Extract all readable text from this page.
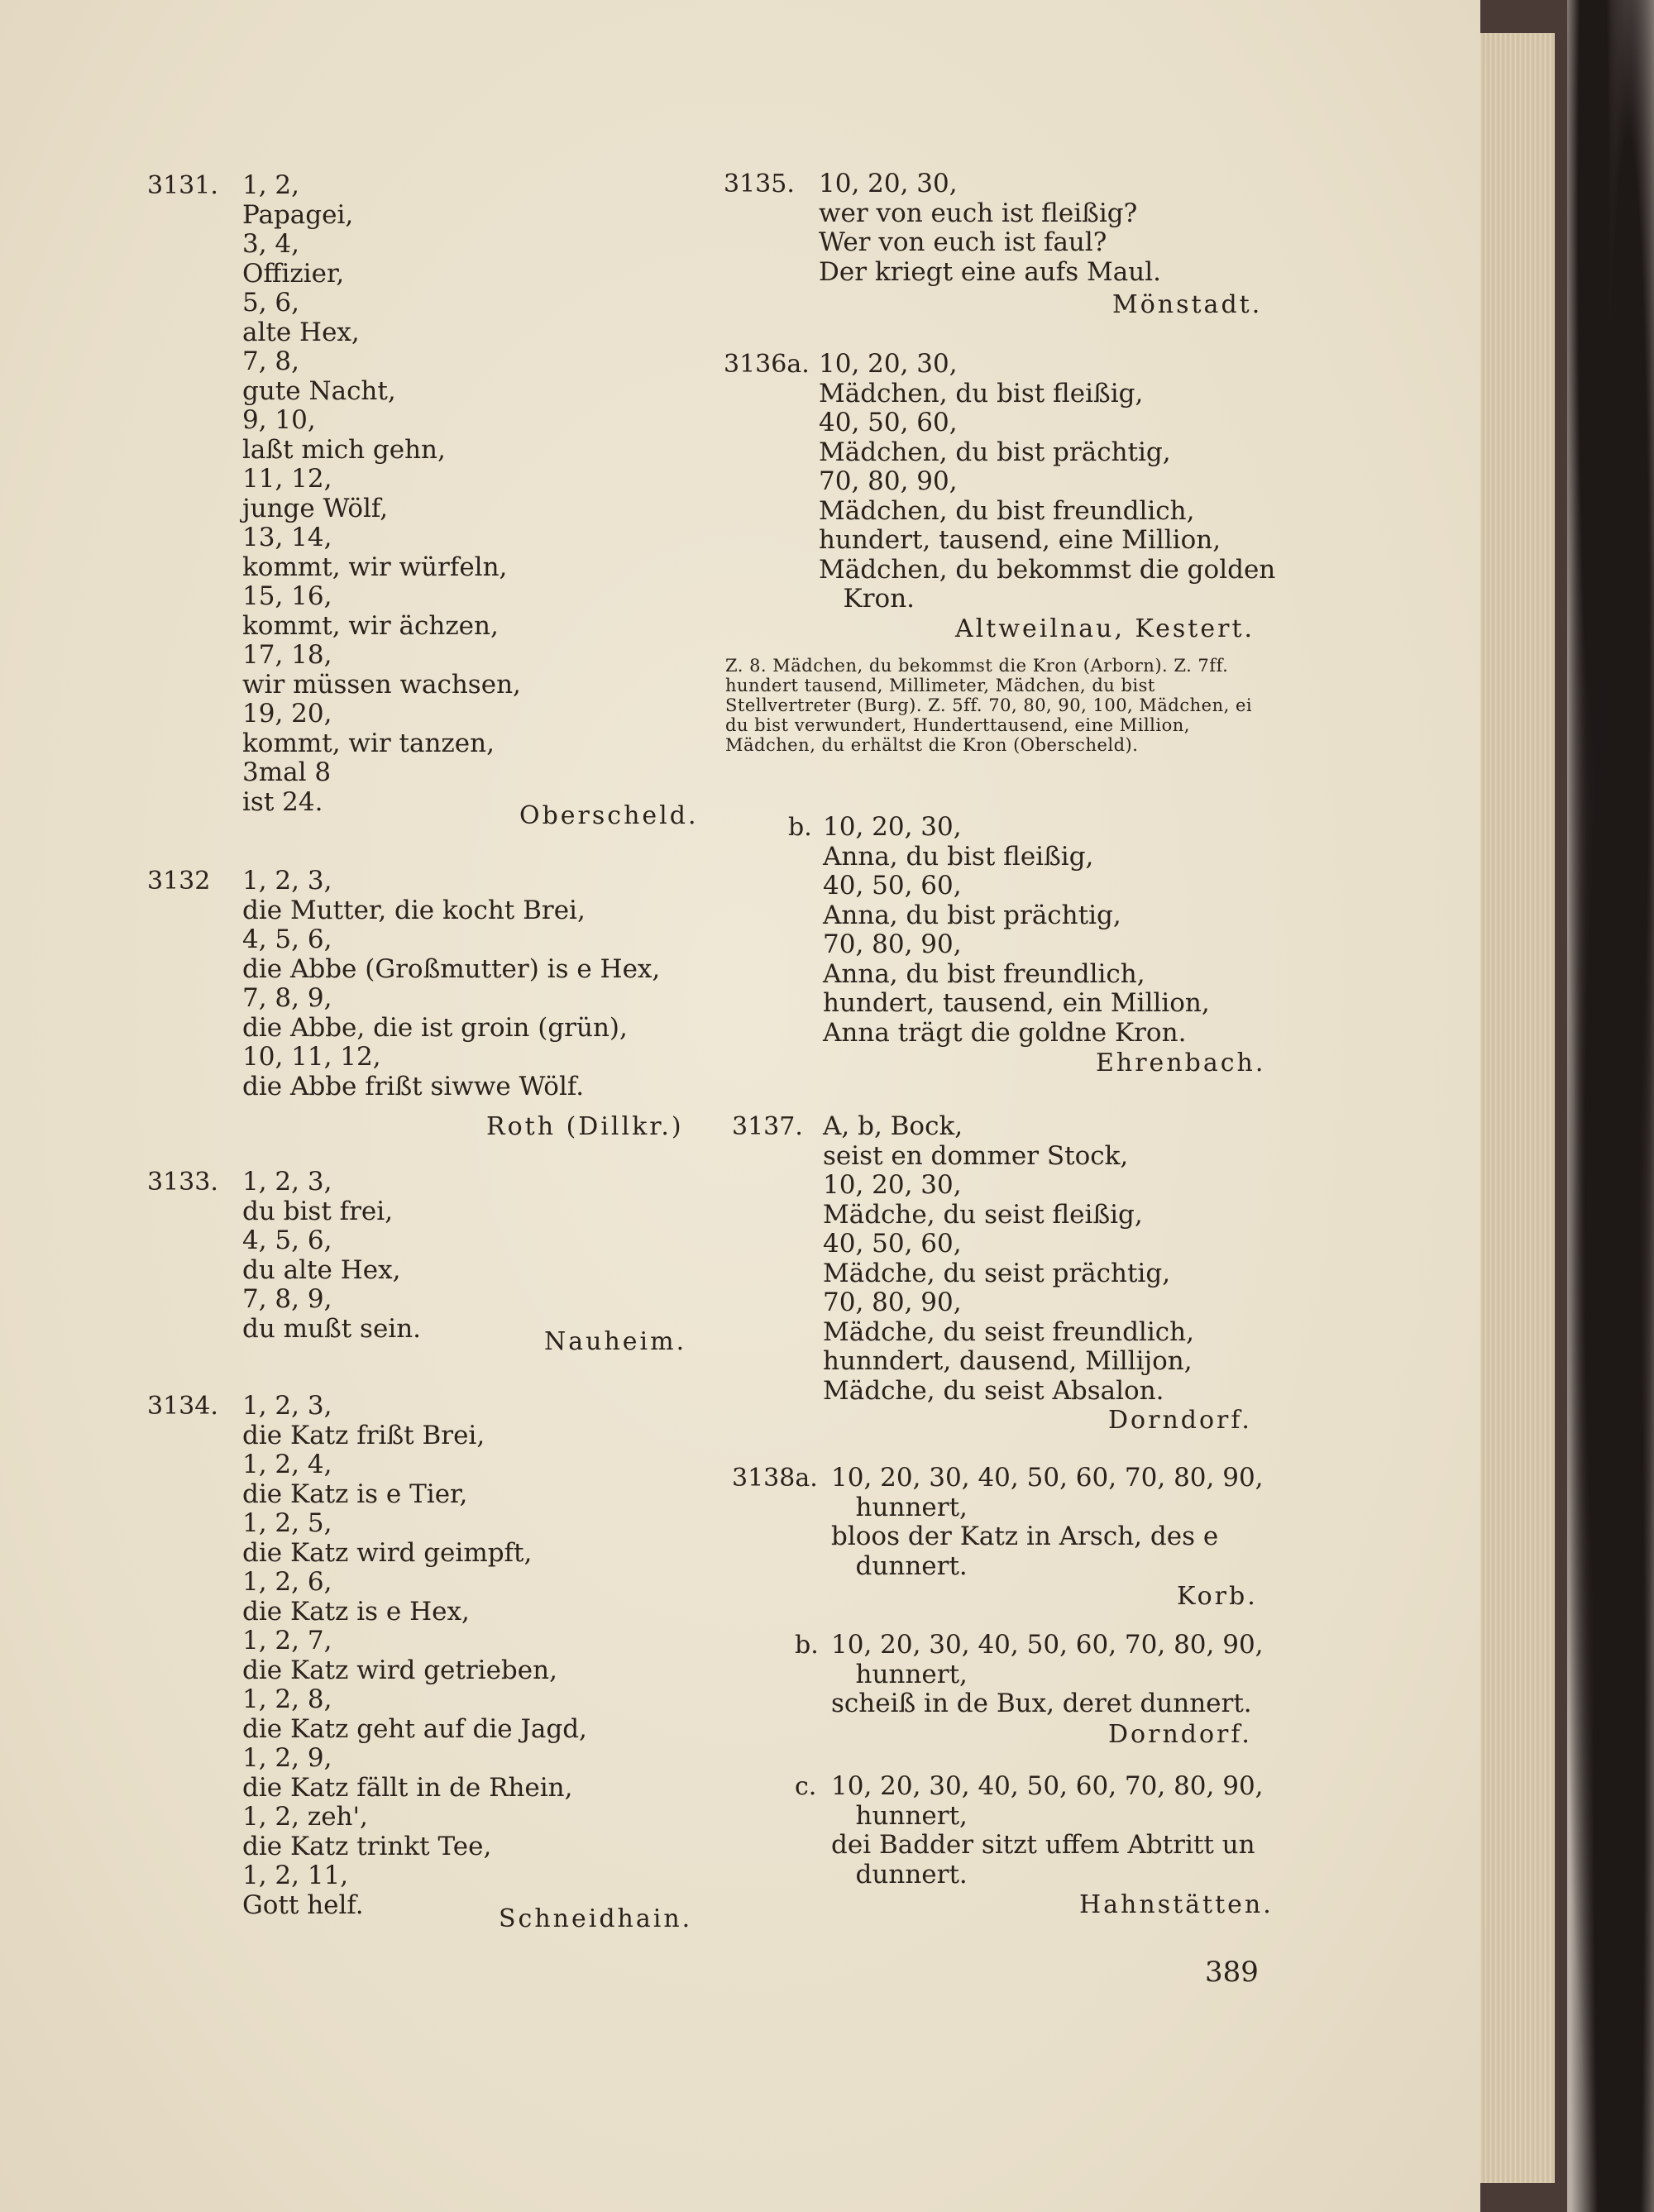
3131. 1, 2,
Papagei,
3, 4,
Offizier,
5, 6,
alte Hex,
7, 8,
gute Nacht,
9, 10,
laßt mich gehn,
11, 12,
junge Wölf,
13, 14,
kommt, wir würfeln,
15, 16,
kommt, wir ächzen,
17, 18,
wir müssen wachsen,
19, 20,
kommt, wir tanzen,
3mal 8
ist 24.	Oberscheld.
3132 1, 2, 3,
die Mutter, die kocht Brei,
4, 5, 6,
die Abbe (Großmutter) is e Hex,
7, 8, 9,
die Abbe, die ist groin (grün),
10, 11, 12,
die Abbe frißt siwwe Wölf.
Roth (Dillkr.)
3133. 1, 2, 3,
du bist frei,
4, 5, 6,
du alte Hex,
7, 8, 9,
du mußt sein.	Nauheim.
3134. 1, 2, 3,
die Katz frißt Brei,
1, 2, 4,
die Katz is e Tier,
1, 2, 5,
die Katz wird geimpft,
1, 2, 6,
die Katz is e Hex,
1, 2, 7,
die Katz wird getrieben,
1, 2, 8,
die Katz geht auf die Jagd,
1, 2, 9,
die Katz fällt in de Rhein,
1, 2, zeh',
die Katz trinkt Tee,
1, 2, 11,
Gott helf.	Schneidhain.
3135. 10, 20, 30,
wer von euch ist fleißig?
Wer von euch ist faul?
Der kriegt eine aufs Maul.
Mönstadt.
3136a. 10, 20, 30,
Mädchen, du bist fleißig,
40, 50, 60,
Mädchen, du bist prächtig,
70, 80, 90,
Mädchen, du bist freundlich,
hundert, tausend, eine Million,
Mädchen, du bekommst die golden
Kron.
Altweilnau, Kestert.
Z. 8. Mädchen, du bekommst die Kron (Arborn). Z. 7ff. hundert tausend, Millimeter, Mädchen, du bist Stellvertreter (Burg). Z. 5ff. 70, 80, 90, 100, Mädchen, ei du bist verwundert, Hunderttausend, eine Million, Mädchen, du erhältst die Kron (Oberscheld).
b. 10, 20, 30,
Anna, du bist fleißig,
40, 50, 60,
Anna, du bist prächtig,
70, 80, 90,
Anna, du bist freundlich,
hundert, tausend, ein Million,
Anna trägt die goldne Kron.
Ehrenbach.
3137. A, b, Bock,
seist en dommer Stock,
10, 20, 30,
Mädche, du seist fleißig,
40, 50, 60,
Mädche, du seist prächtig,
70, 80, 90,
Mädche, du seist freundlich,
hunndert, dausend, Millijon,
Mädche, du seist Absalon.
Dorndorf.
3138a. 10, 20, 30, 40, 50, 60, 70, 80, 90,
hunnert,
bloos der Katz in Arsch, des e
dunnert.
Korb.
b. 10, 20, 30, 40, 50, 60, 70, 80, 90,
hunnert,
scheiß in de Bux, deret dunnert.
Dorndorf.
c. 10, 20, 30, 40, 50, 60, 70, 80, 90,
hunnert,
dei Badder sitzt uffem Abtritt un
dunnert.
Hahnstätten.
389
